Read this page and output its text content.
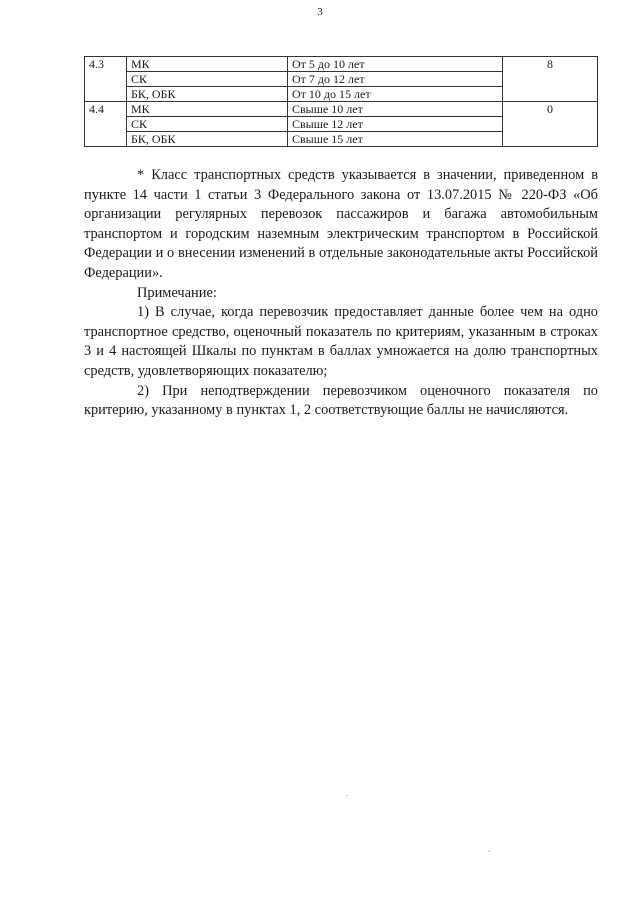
3
4.3	МК	От 5 до 10 лет	8
	СК	От 7 до 12 лет	
	БК, ОБК	От 10 до 15 лет	
4.4	МК	Свыше 10 лет	0
	СК	Свыше 12 лет	
	БК, ОБК	Свыше 15 лет	

* Класс транспортных средств указывается в значении, приведенном в пункте 14 части 1 статьи 3 Федерального закона от 13.07.2015 № 220-ФЗ «Об организации регулярных перевозок пассажиров и багажа автомобильным транспортом и городским наземным электрическим транспортом в Российской Федерации и о внесении изменений в отдельные законодательные акты Российской Федерации».

Примечание:

1) В случае, когда перевозчик предоставляет данные более чем на одно транспортное средство, оценочный показатель по критериям, указанным в строках 3 и 4 настоящей Шкалы по пунктам в баллах умножается на долю транспортных средств, удовлетворяющих показателю;

2) При неподтверждении перевозчиком оценочного показателя по критерию, указанному в пунктах 1, 2 соответствующие баллы не начисляются.
